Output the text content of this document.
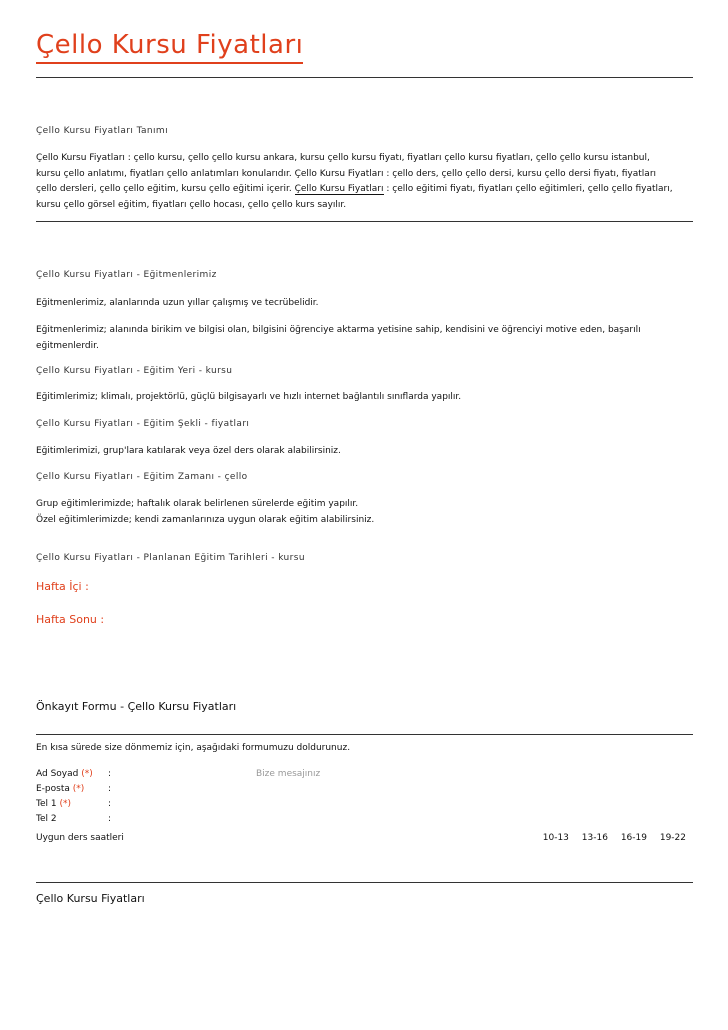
Çello Kursu Fiyatları
Çello Kursu Fiyatları Tanımı
Çello Kursu Fiyatları : çello kursu, çello çello kursu ankara, kursu çello kursu fiyatı, fiyatları çello kursu fiyatları, çello çello kursu istanbul,
kursu çello anlatımı, fiyatları çello anlatımları konularıdır. Çello Kursu Fiyatları : çello ders, çello çello dersi, kursu çello dersi fiyatı, fiyatları
çello dersleri, çello çello eğitim, kursu çello eğitimi içerir. Çello Kursu Fiyatları : çello eğitimi fiyatı, fiyatları çello eğitimleri, çello çello fiyatları,
kursu çello görsel eğitim, fiyatları çello hocası, çello çello kurs sayılır.
Çello Kursu Fiyatları - Eğitmenlerimiz
Eğitmenlerimiz, alanlarında uzun yıllar çalışmış ve tecrübelidir.
Eğitmenlerimiz; alanında birikim ve bilgisi olan, bilgisini öğrenciye aktarma yetisine sahip, kendisini ve öğrenciyi motive eden, başarılı
eğitmenlerdir.
Çello Kursu Fiyatları - Eğitim Yeri - kursu
Eğitimlerimiz; klimalı, projektörlü, güçlü bilgisayarlı ve hızlı internet bağlantılı sınıflarda yapılır.
Çello Kursu Fiyatları - Eğitim Şekli - fiyatları
Eğitimlerimizi, grup'lara katılarak veya özel ders olarak alabilirsiniz.
Çello Kursu Fiyatları - Eğitim Zamanı - çello
Grup eğitimlerimizde; haftalık olarak belirlenen sürelerde eğitim yapılır.
Özel eğitimlerimizde; kendi zamanlarınıza uygun olarak eğitim alabilirsiniz.
Çello Kursu Fiyatları - Planlanan Eğitim Tarihleri - kursu
Hafta İçi :
Hafta Sonu :
Önkayıt Formu - Çello Kursu Fiyatları
En kısa sürede size dönmemiz için, aşağıdaki formumuzu doldurunuz.
Ad Soyad (*) :	Bize mesajınız
E-posta (*)	:
Tel 1 (*)	:
Tel 2	:
Uygun ders saatleri	10-13 13-16 16-19 19-22
Çello Kursu Fiyatları
